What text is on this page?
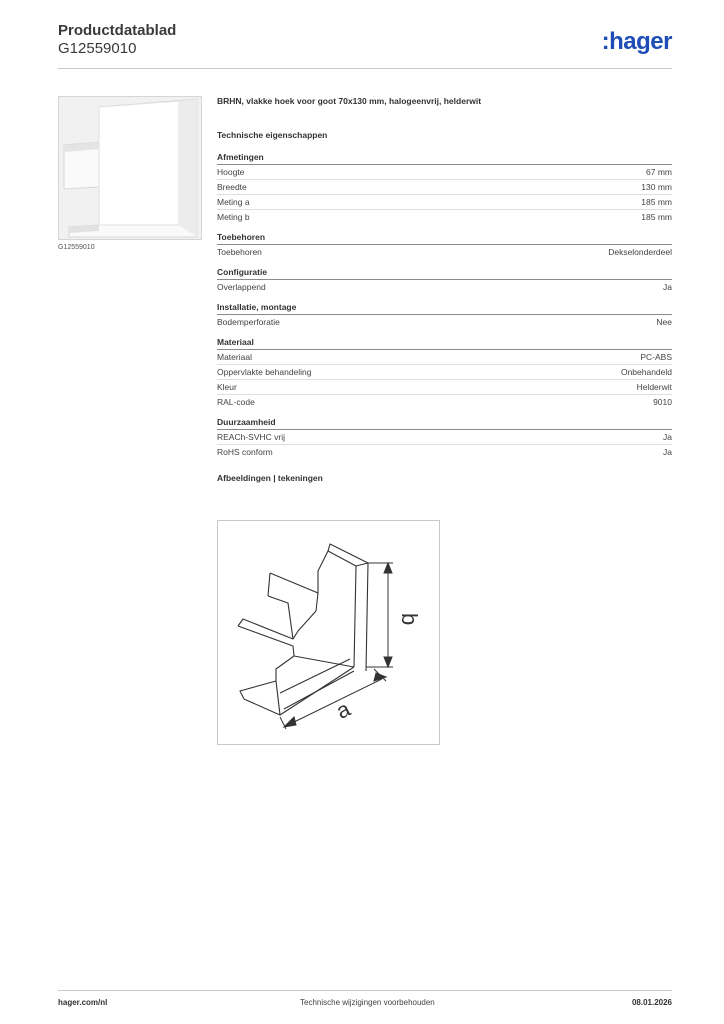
Productdatablad
G12559010	:hager
G12559010
BRHN, vlakke hoek voor goot 70x130 mm, halogeenvrij, helderwit
Technische eigenschappen
Afmetingen
Hoogte	67 mm
Breedte	130 mm
Meting a	185 mm
Meting b	185 mm
Toebehoren
Toebehoren	Dekselonderdeel
Configuratie
Overlappend	Ja
Installatie, montage
Bodemperforatie	Nee
Materiaal
Materiaal	PC-ABS
Oppervlakte behandeling	Onbehandeld
Kleur	Helderwit
RAL-code	9010
Duurzaamheid
REACh-SVHC vrij	Ja
RoHS conform	Ja
Afbeeldingen | tekeningen
b
a
hager.com/nl	Technische wijzigingen voorbehouden	08.01.2026
